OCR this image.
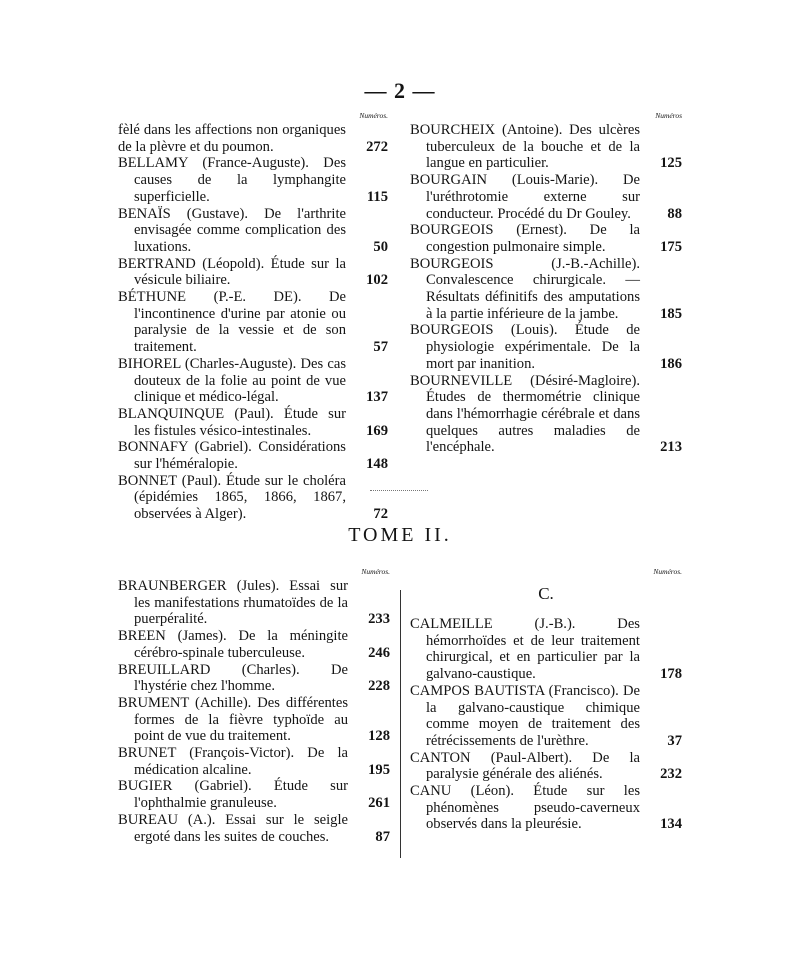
— 2 —
Numéros.
fèlé dans les affections non organiques de la plèvre et du poumon.	272
BELLAMY (France-Auguste). Des causes de la lymphangite superficielle.	115
BENAÏS (Gustave). De l'arthrite envisagée comme complication des luxations.	50
BERTRAND (Léopold). Étude sur la vésicule biliaire.	102
BÉTHUNE (P.-E. DE). De l'incontinence d'urine par atonie ou paralysie de la vessie et de son traitement.	57
BIHOREL (Charles-Auguste). Des cas douteux de la folie au point de vue clinique et médico-légal.	137
BLANQUINQUE (Paul). Étude sur les fistules vésico-intestinales.	169
BONNAFY (Gabriel). Considérations sur l'héméralopie.	148
BONNET (Paul). Étude sur le choléra (épidémies 1865, 1866, 1867, observées à Alger).	72
Numéros
BOURCHEIX (Antoine). Des ulcères tuberculeux de la bouche et de la langue en particulier.	125
BOURGAIN (Louis-Marie). De l'uréthrotomie externe sur conducteur. Procédé du Dr Gouley.	88
BOURGEOIS (Ernest). De la congestion pulmonaire simple.	175
BOURGEOIS (J.-B.-Achille). Convalescence chirurgicale. — Résultats définitifs des amputations à la partie inférieure de la jambe.	185
BOURGEOIS (Louis). Étude de physiologie expérimentale. De la mort par inanition.	186
BOURNEVILLE (Désiré-Magloire). Études de thermométrie clinique dans l'hémorrhagie cérébrale et dans quelques autres maladies de l'encéphale.	213
TOME II.
Numéros.
BRAUNBERGER (Jules). Essai sur les manifestations rhumatoïdes de la puerpéralité.	233
BREEN (James). De la méningite cérébro-spinale tuberculeuse.	246
BREUILLARD (Charles). De l'hystérie chez l'homme.	228
BRUMENT (Achille). Des différentes formes de la fièvre typhoïde au point de vue du traitement.	128
BRUNET (François-Victor). De la médication alcaline.	195
BUGIER (Gabriel). Étude sur l'ophthalmie granuleuse.	261
BUREAU (A.). Essai sur le seigle ergoté dans les suites de couches.	87
Numéros.
C.
CALMEILLE (J.-B.). Des hémorrhoïdes et de leur traitement chirurgical, et en particulier par la galvano-caustique.	178
CAMPOS BAUTISTA (Francisco). De la galvano-caustique chimique comme moyen de traitement des rétrécissements de l'urèthre.	37
CANTON (Paul-Albert). De la paralysie générale des aliénés.	232
CANU (Léon). Étude sur les phénomènes pseudo-caverneux observés dans la pleurésie.	134
